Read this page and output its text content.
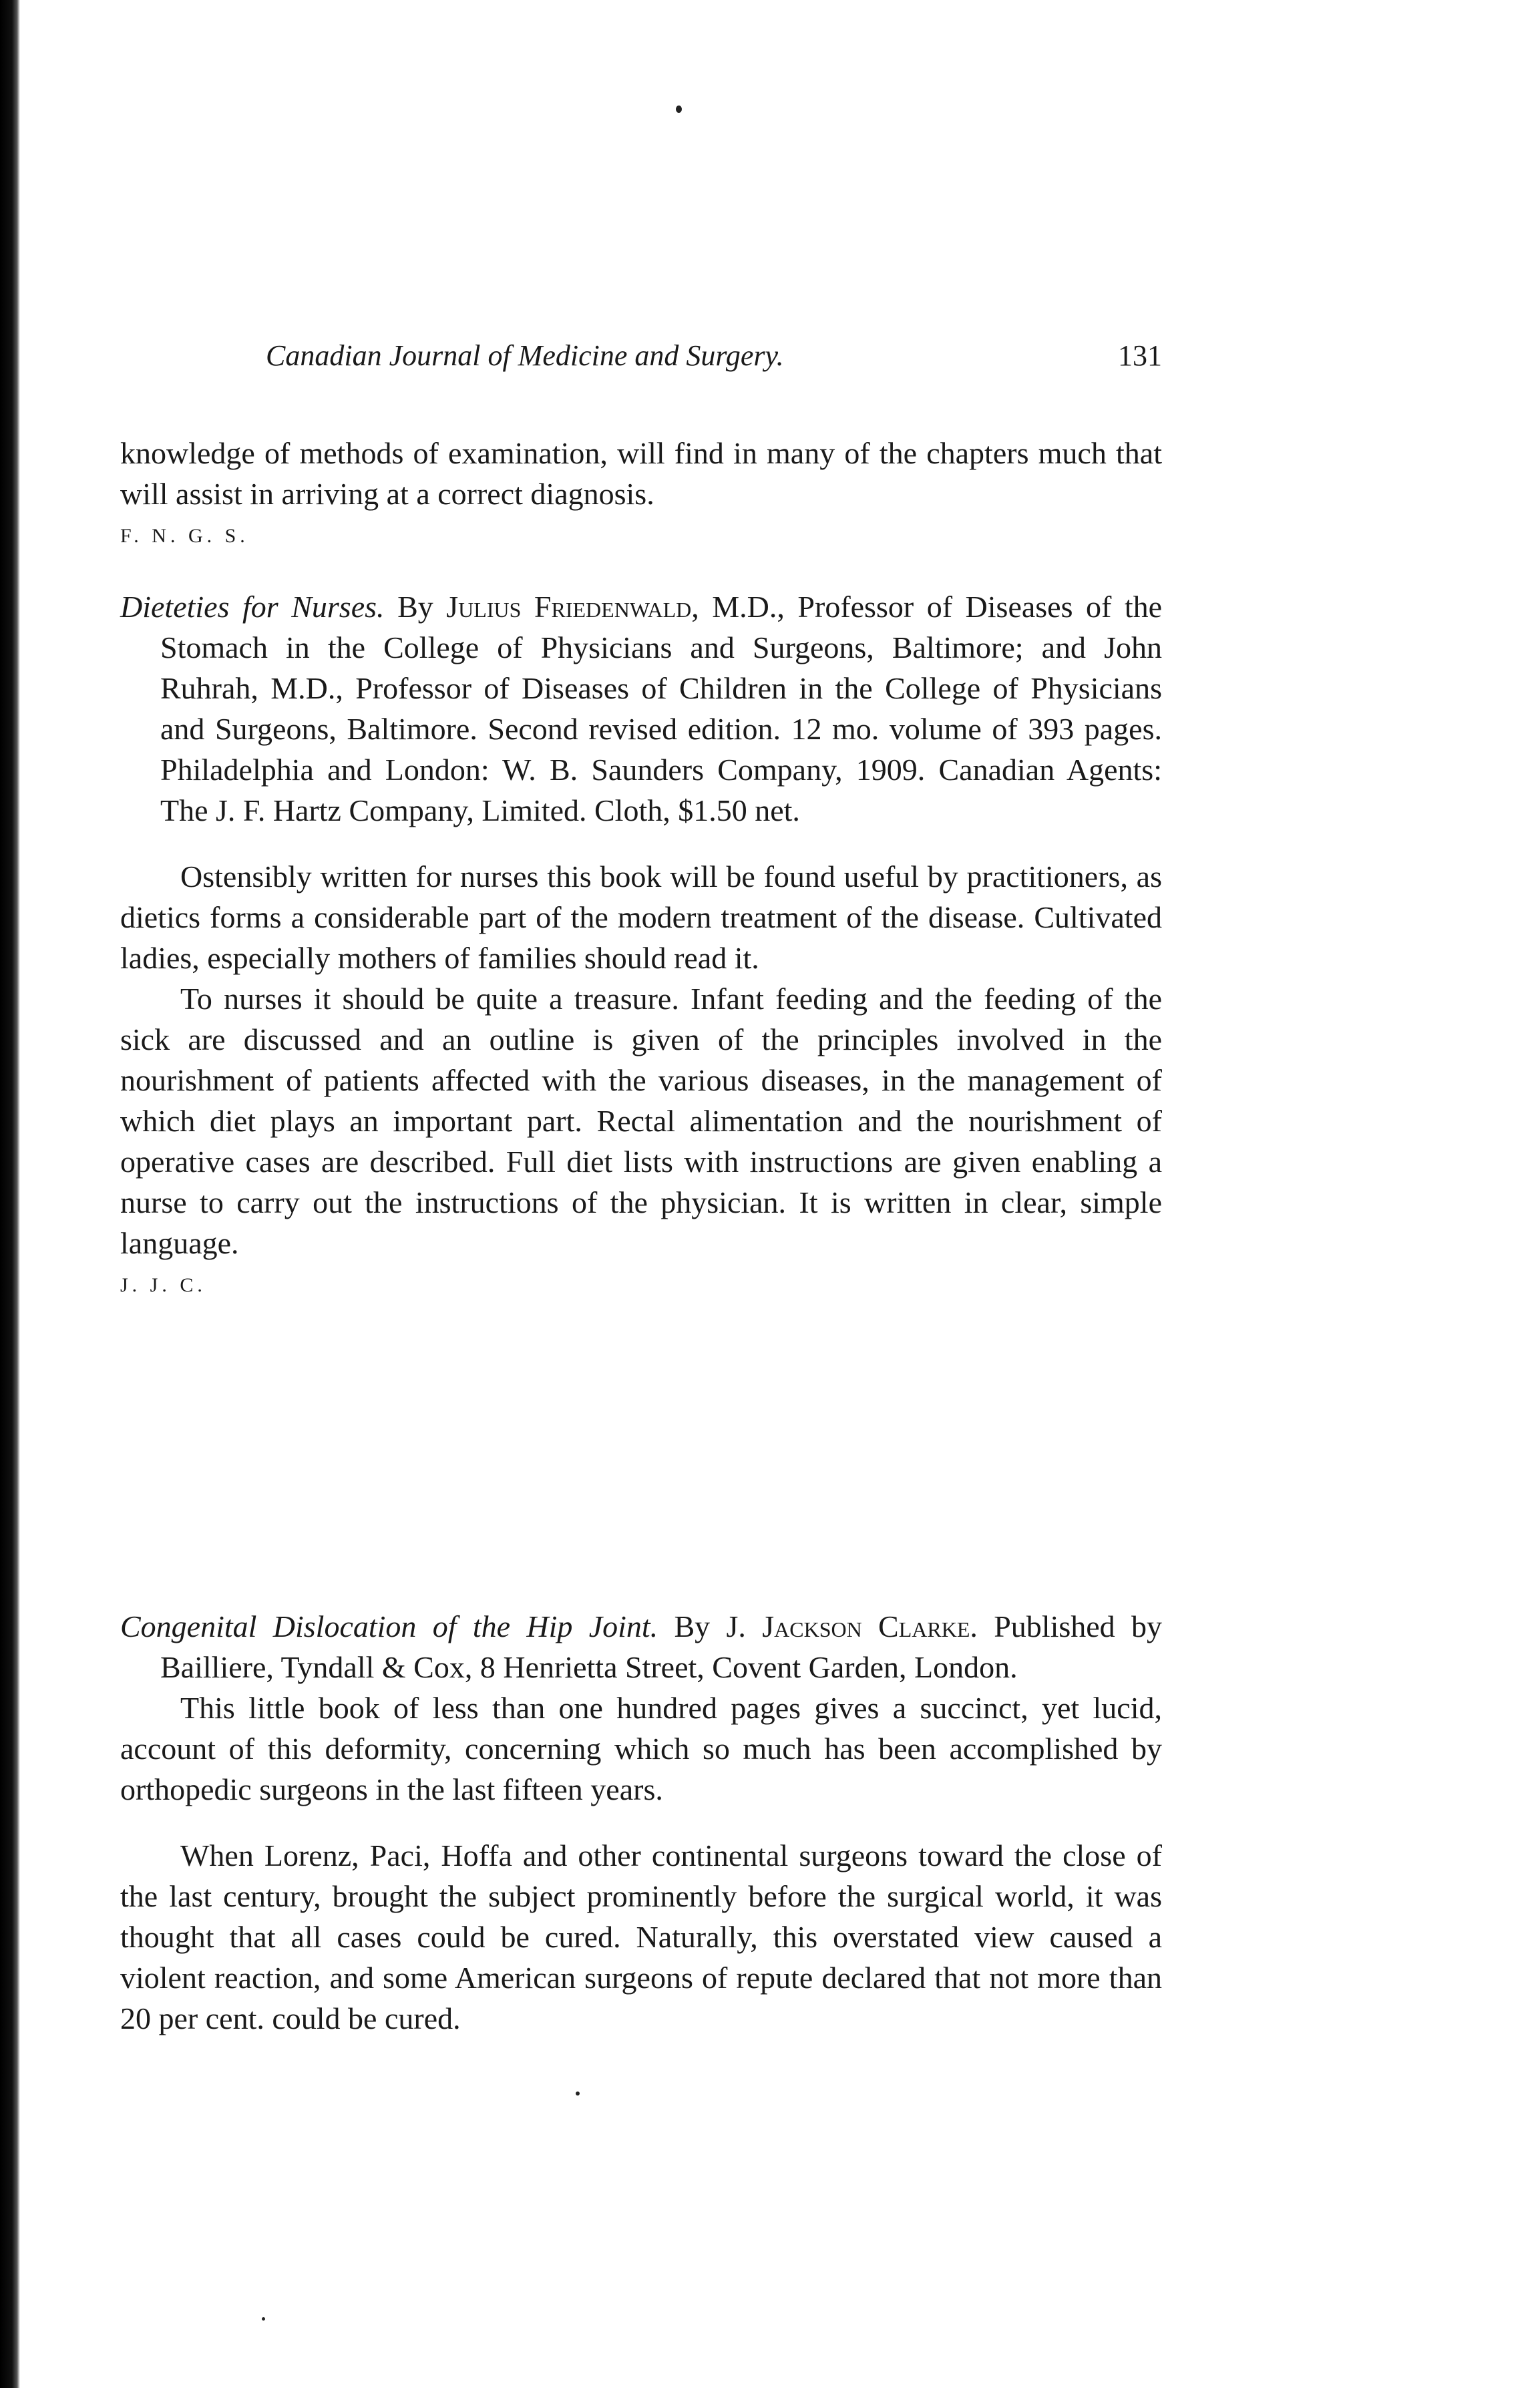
Canadian Journal of Medicine and Surgery.	131

knowledge of methods of examination, will find in many of the chapters much that will assist in arriving at a correct diagnosis.

F. N. G. S.

Dieteties for Nurses. By Julius Friedenwald, M.D., Professor of Diseases of the Stomach in the College of Physicians and Surgeons, Baltimore; and John Ruhrah, M.D., Professor of Diseases of Children in the College of Physicians and Surgeons, Baltimore. Second revised edition. 12 mo. volume of 393 pages. Philadelphia and London: W. B. Saunders Company, 1909. Canadian Agents: The J. F. Hartz Company, Limited. Cloth, $1.50 net.

Ostensibly written for nurses this book will be found useful by practitioners, as dietics forms a considerable part of the modern treatment of the disease. Cultivated ladies, especially mothers of families should read it.

To nurses it should be quite a treasure. Infant feeding and the feeding of the sick are discussed and an outline is given of the principles involved in the nourishment of patients affected with the various diseases, in the management of which diet plays an important part. Rectal alimentation and the nourishment of operative cases are described. Full diet lists with instructions are given enabling a nurse to carry out the instructions of the physician. It is written in clear, simple language.

J. J. C.

Congenital Dislocation of the Hip Joint. By J. Jackson Clarke. Published by Bailliere, Tyndall & Cox, 8 Henrietta Street, Covent Garden, London.

This little book of less than one hundred pages gives a succinct, yet lucid, account of this deformity, concerning which so much has been accomplished by orthopedic surgeons in the last fifteen years.

When Lorenz, Paci, Hoffa and other continental surgeons toward the close of the last century, brought the subject prominently before the surgical world, it was thought that all cases could be cured. Naturally, this overstated view caused a violent reaction, and some American surgeons of repute declared that not more than 20 per cent. could be cured.
